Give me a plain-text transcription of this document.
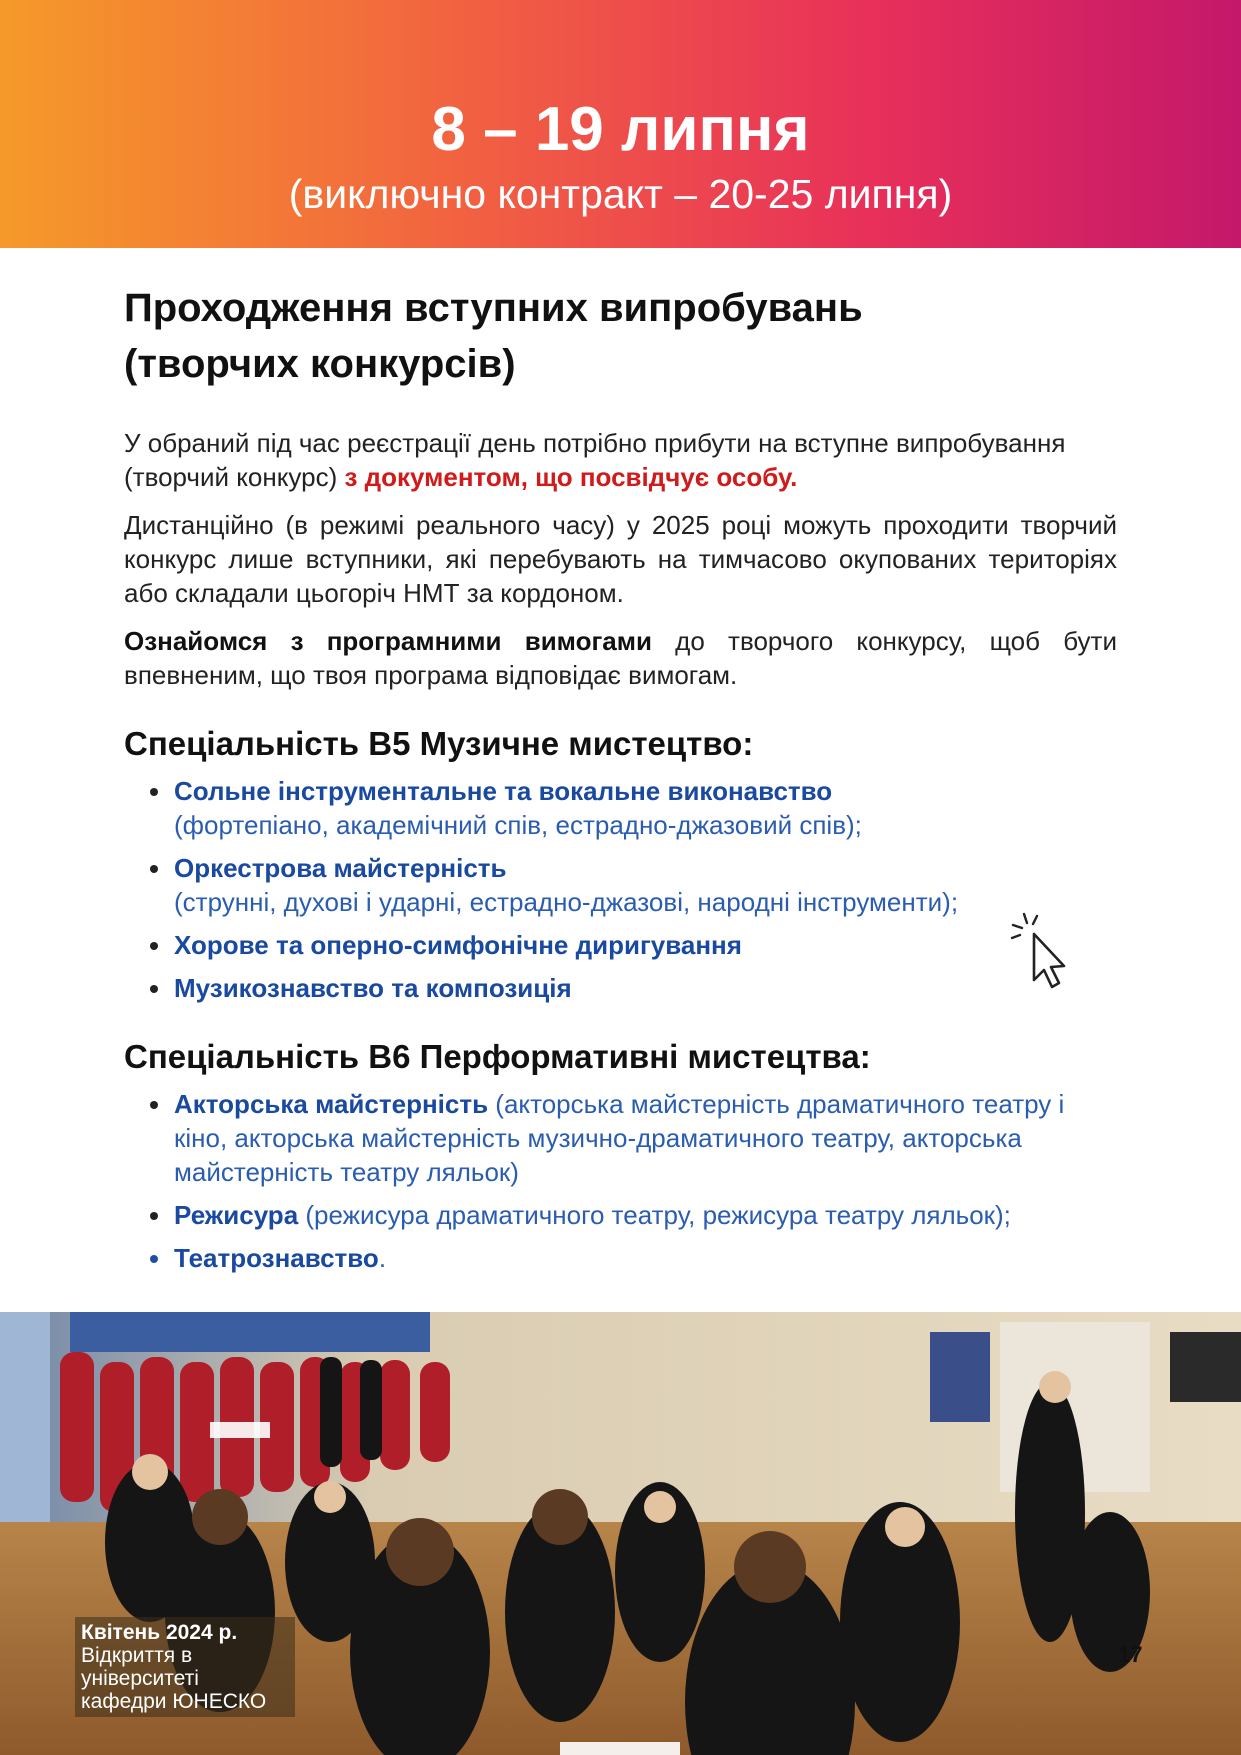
8 – 19 липня
(виключно контракт – 20-25 липня)
Проходження вступних випробувань
(творчих конкурсів)

У обраний під час реєстрації день потрібно прибути на вступне випробування (творчий конкурс) з документом, що посвідчує особу.

Дистанційно (в режимі реального часу) у 2025 році можуть проходити творчий конкурс лише вступники, які перебувають на тимчасово окупованих територіях або складали цьогоріч НМТ за кордоном.

Ознайомся з програмними вимогами до творчого конкурсу, щоб бути впевненим, що твоя програма відповідає вимогам.

Спеціальність В5 Музичне мистецтво:
Сольне інструментальне та вокальне виконавство
(фортепіано, академічний спів, естрадно-джазовий спів);
Оркестрова майстерність
(струнні, духові і ударні, естрадно-джазові, народні інструменти);
Хорове та оперно-симфонічне диригування
Музикознавство та композиція
Спеціальність В6 Перформативні мистецтва:
Акторська майстерність (акторська майстерність драматичного театру і кіно, акторська майстерність музично-драматичного театру, акторська майстерність театру ляльок)
Режисура (режисура драматичного театру, режисура театру ляльок);
Театрознавство.
Квітень 2024 р.
Відкриття в університеті кафедри ЮНЕСКО
17
